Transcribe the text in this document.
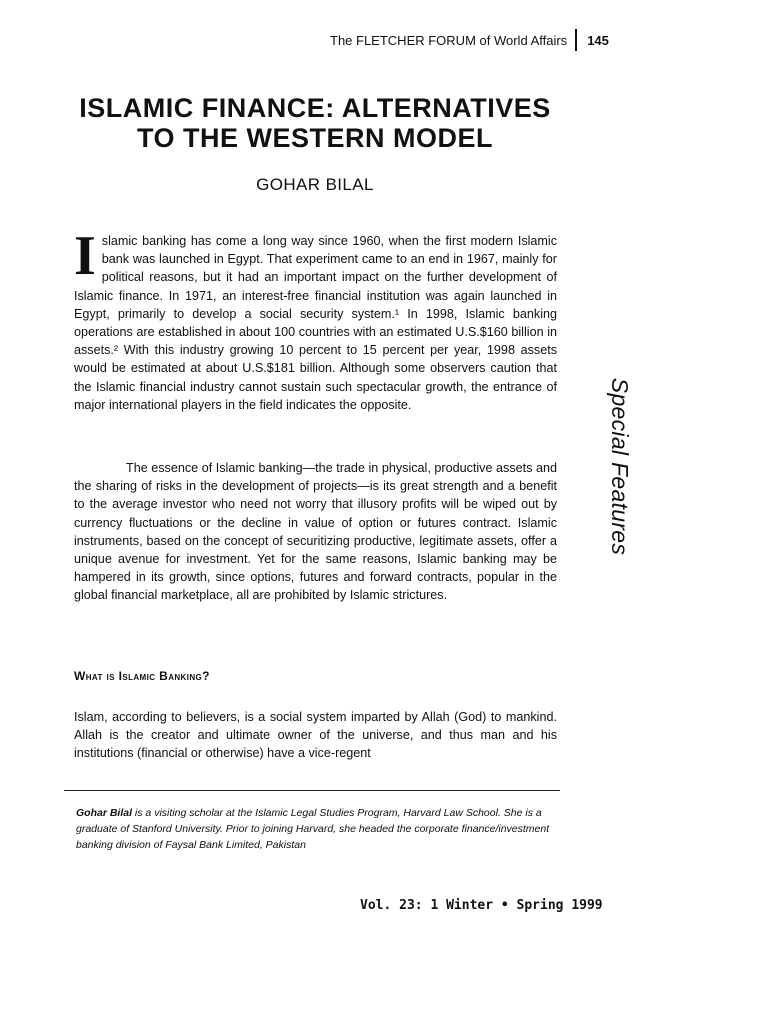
The FLETCHER FORUM of World Affairs 145
ISLAMIC FINANCE: ALTERNATIVES
TO THE WESTERN MODEL
GOHAR BILAL
I slamic banking has come a long way since 1960, when the first modern Islamic bank was launched in Egypt. That experiment came to an end in 1967, mainly for political reasons, but it had an important impact on the further development of Islamic finance. In 1971, an interest-free financial institution was again launched in Egypt, primarily to develop a social security system.¹ In 1998, Islamic banking operations are established in about 100 countries with an estimated U.S.$160 billion in assets.² With this industry growing 10 percent to 15 percent per year, 1998 assets would be estimated at about U.S.$181 billion. Although some observers caution that the Islamic financial industry cannot sustain such spectacular growth, the entrance of major international players in the field indicates the opposite.
The essence of Islamic banking—the trade in physical, productive assets and the sharing of risks in the development of projects—is its great strength and a benefit to the average investor who need not worry that illusory profits will be wiped out by currency fluctuations or the decline in value of option or futures contract. Islamic instruments, based on the concept of securitizing productive, legitimate assets, offer a unique avenue for investment. Yet for the same reasons, Islamic banking may be hampered in its growth, since options, futures and forward contracts, popular in the global financial marketplace, all are prohibited by Islamic strictures.
What is Islamic Banking?
Islam, according to believers, is a social system imparted by Allah (God) to mankind. Allah is the creator and ultimate owner of the universe, and thus man and his institutions (financial or otherwise) have a vice-regent
Special Features
Gohar Bilal is a visiting scholar at the Islamic Legal Studies Program, Harvard Law School. She is a graduate of Stanford University. Prior to joining Harvard, she headed the corporate finance/investment banking division of Faysal Bank Limited, Pakistan
Vol. 23: 1 Winter • Spring 1999
